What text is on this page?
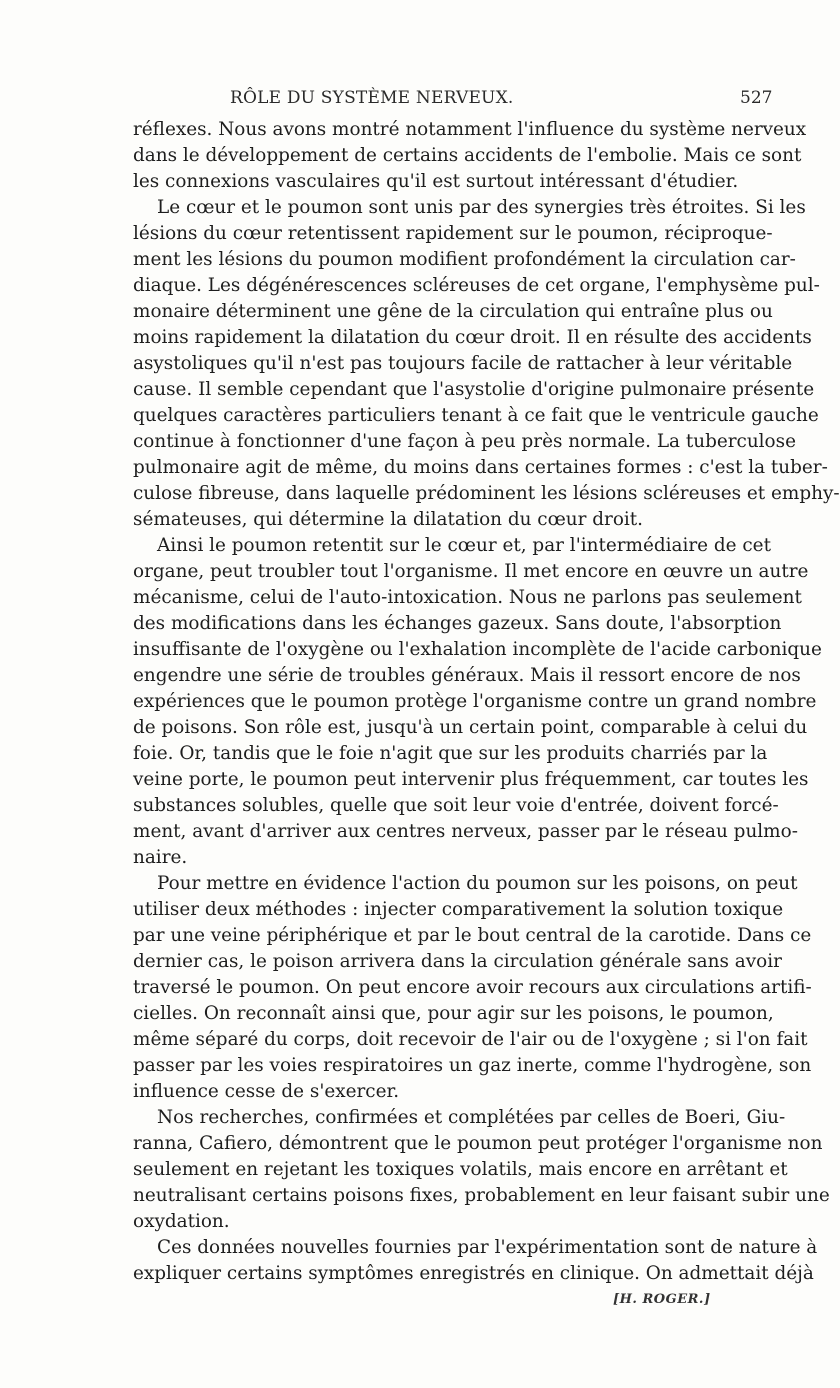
RÔLE DU SYSTÈME NERVEUX.	527
réflexes. Nous avons montré notamment l'influence du système nerveux
dans le développement de certains accidents de l'embolie. Mais ce sont
les connexions vasculaires qu'il est surtout intéressant d'étudier.
Le cœur et le poumon sont unis par des synergies très étroites. Si les
lésions du cœur retentissent rapidement sur le poumon, réciproque-
ment les lésions du poumon modifient profondément la circulation car-
diaque. Les dégénérescences scléreuses de cet organe, l'emphysème pul-
monaire déterminent une gêne de la circulation qui entraîne plus ou
moins rapidement la dilatation du cœur droit. Il en résulte des accidents
asystoliques qu'il n'est pas toujours facile de rattacher à leur véritable
cause. Il semble cependant que l'asystolie d'origine pulmonaire présente
quelques caractères particuliers tenant à ce fait que le ventricule gauche
continue à fonctionner d'une façon à peu près normale. La tuberculose
pulmonaire agit de même, du moins dans certaines formes : c'est la tuber-
culose fibreuse, dans laquelle prédominent les lésions scléreuses et emphy-
sémateuses, qui détermine la dilatation du cœur droit.
Ainsi le poumon retentit sur le cœur et, par l'intermédiaire de cet
organe, peut troubler tout l'organisme. Il met encore en œuvre un autre
mécanisme, celui de l'auto-intoxication. Nous ne parlons pas seulement
des modifications dans les échanges gazeux. Sans doute, l'absorption
insuffisante de l'oxygène ou l'exhalation incomplète de l'acide carbonique
engendre une série de troubles généraux. Mais il ressort encore de nos
expériences que le poumon protège l'organisme contre un grand nombre
de poisons. Son rôle est, jusqu'à un certain point, comparable à celui du
foie. Or, tandis que le foie n'agit que sur les produits charriés par la
veine porte, le poumon peut intervenir plus fréquemment, car toutes les
substances solubles, quelle que soit leur voie d'entrée, doivent forcé-
ment, avant d'arriver aux centres nerveux, passer par le réseau pulmo-
naire.
Pour mettre en évidence l'action du poumon sur les poisons, on peut
utiliser deux méthodes : injecter comparativement la solution toxique
par une veine périphérique et par le bout central de la carotide. Dans ce
dernier cas, le poison arrivera dans la circulation générale sans avoir
traversé le poumon. On peut encore avoir recours aux circulations artifi-
cielles. On reconnaît ainsi que, pour agir sur les poisons, le poumon,
même séparé du corps, doit recevoir de l'air ou de l'oxygène ; si l'on fait
passer par les voies respiratoires un gaz inerte, comme l'hydrogène, son
influence cesse de s'exercer.
Nos recherches, confirmées et complétées par celles de Boeri, Giu-
ranna, Cafiero, démontrent que le poumon peut protéger l'organisme non
seulement en rejetant les toxiques volatils, mais encore en arrêtant et
neutralisant certains poisons fixes, probablement en leur faisant subir une
oxydation.
Ces données nouvelles fournies par l'expérimentation sont de nature à
expliquer certains symptômes enregistrés en clinique. On admettait déjà
[H. ROGER.]
